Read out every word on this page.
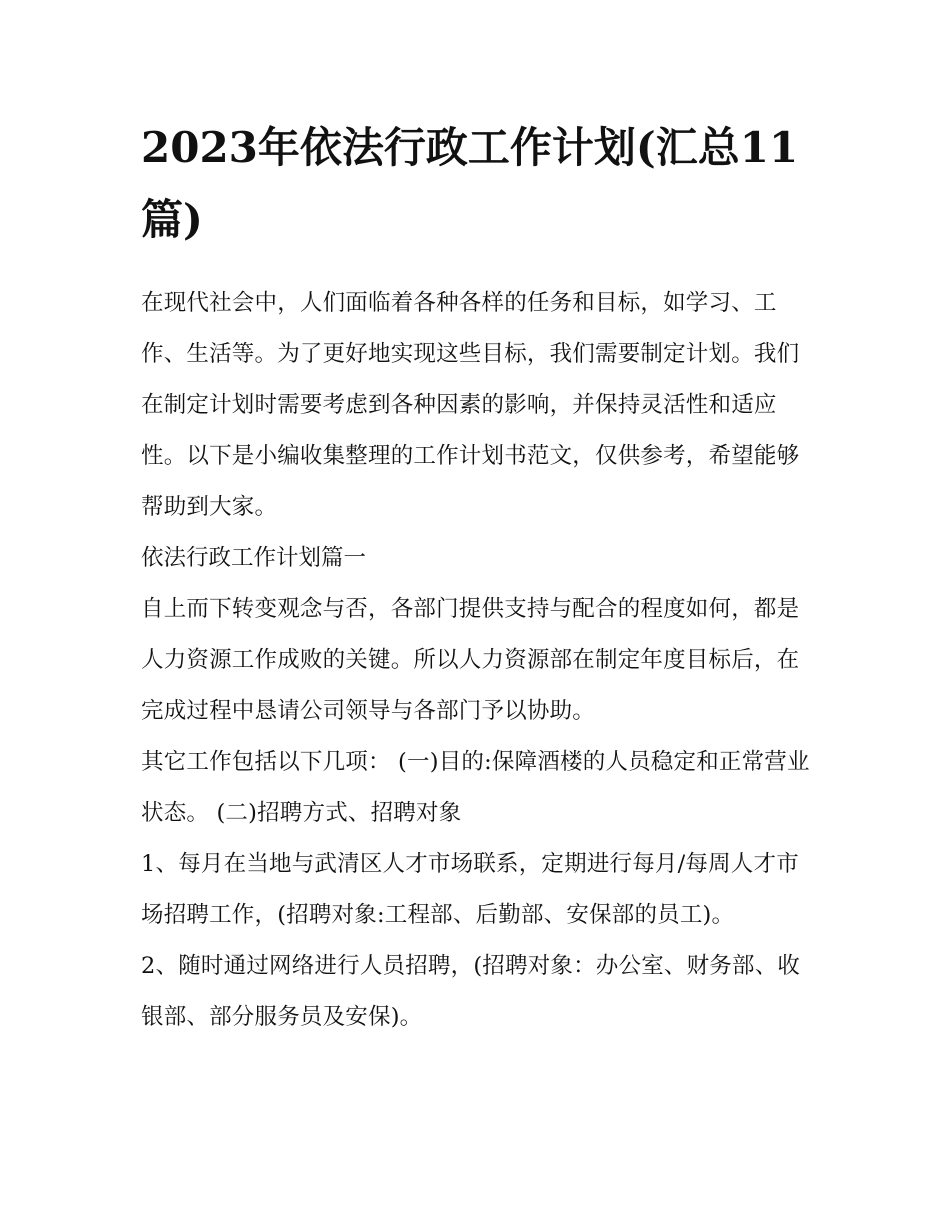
2023年依法行政工作计划(汇总11篇)

在现代社会中，人们面临着各种各样的任务和目标，如学习、工作、生活等。为了更好地实现这些目标，我们需要制定计划。我们在制定计划时需要考虑到各种因素的影响，并保持灵活性和适应性。以下是小编收集整理的工作计划书范文，仅供参考，希望能够帮助到大家。

依法行政工作计划篇一

自上而下转变观念与否，各部门提供支持与配合的程度如何，都是人力资源工作成败的关键。所以人力资源部在制定年度目标后，在完成过程中恳请公司领导与各部门予以协助。

其它工作包括以下几项： (一)目的:保障酒楼的人员稳定和正常营业状态。 (二)招聘方式、招聘对象

1、每月在当地与武清区人才市场联系，定期进行每月/每周人才市场招聘工作，(招聘对象:工程部、后勤部、安保部的员工)。

2、随时通过网络进行人员招聘，(招聘对象：办公室、财务部、收银部、部分服务员及安保)。
